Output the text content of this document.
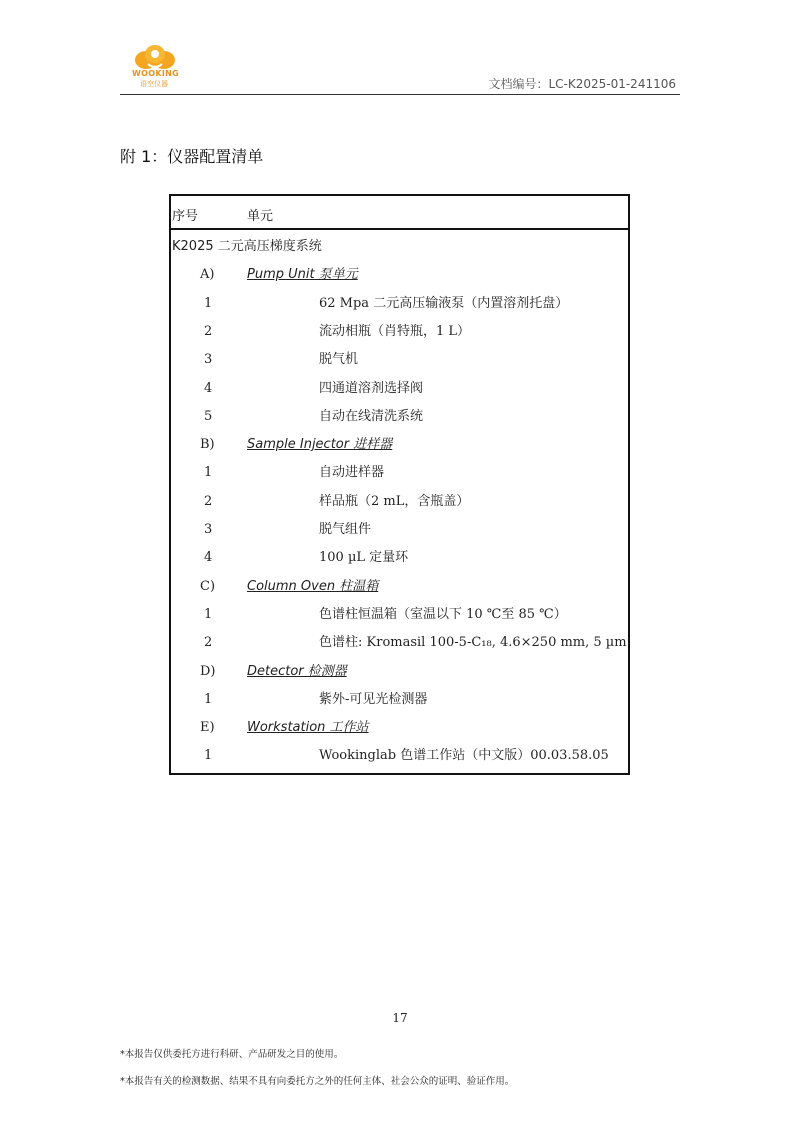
WOOKING
语空仪器	文档编号：LC-K2025-01-241106
附 1：仪器配置清单
序号	单元
K2025 二元高压梯度系统
A)	Pump Unit 泵单元
1	62 Mpa 二元高压输液泵（内置溶剂托盘）
2	流动相瓶（肖特瓶，1 L）
3	脱气机
4	四通道溶剂选择阀
5	自动在线清洗系统
B) Sample Injector 进样器
1	自动进样器
2	样品瓶（2 mL，含瓶盖）
3	脱气组件
4	100 µL 定量环
C) Column Oven 柱温箱
1	色谱柱恒温箱（室温以下 10 ℃至 85 ℃）
2	色谱柱: Kromasil 100-5-C₁₈, 4.6×250 mm, 5 µm
D) Detector 检测器
1	紫外-可见光检测器
E) Workstation 工作站
1	Wookinglab 色谱工作站（中文版）00.03.58.05
17
*本报告仅供委托方进行科研、产品研发之目的使用。
*本报告有关的检测数据、结果不具有向委托方之外的任何主体、社会公众的证明、验证作用。
